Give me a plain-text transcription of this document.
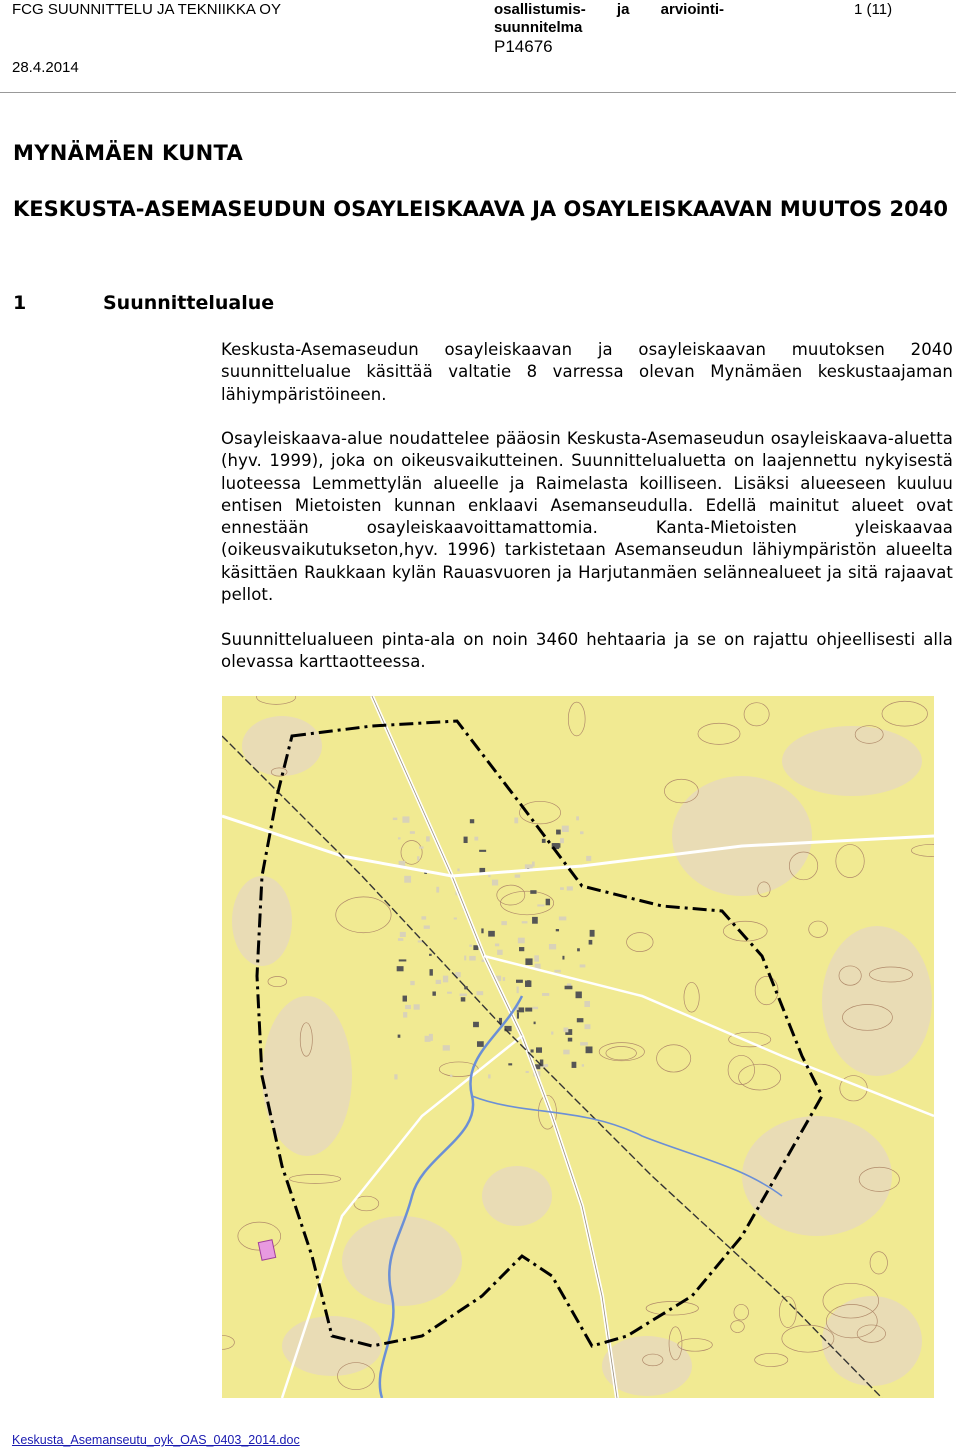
FCG SUUNNITTELU JA TEKNIIKKA OY
28.4.2014
osallistumis- ja arviointi-
suunnitelma
P14676
1 (11)
MYNÄMÄEN KUNTA
KESKUSTA-ASEMASEUDUN OSAYLEISKAAVA JA OSAYLEISKAAVAN MUUTOS 2040
1	Suunnittelualue

Keskusta-Asemaseudun osayleiskaavan ja osayleiskaavan muutoksen 2040 suunnittelualue käsittää valtatie 8 varressa olevan Mynämäen keskustaajaman lähiympäristöineen.

Osayleiskaava-alue noudattelee pääosin Keskusta-Asemaseudun osayleiskaava-aluetta (hyv. 1999), joka on oikeusvaikutteinen. Suunnittelualuetta on laajennettu nykyisestä luoteessa Lemmettylän alueelle ja Raimelasta koilliseen. Lisäksi alueeseen kuuluu entisen Mietoisten kunnan enklaavi Asemanseudulla. Edellä mainitut alueet ovat ennestään osayleiskaavoittamattomia. Kanta-Mietoisten yleiskaavaa (oikeusvaikutukseton,hyv. 1996) tarkistetaan Asemanseudun lähiympäristön alueelta käsittäen Raukkaan kylän Rauasvuoren ja Harjutanmäen selännealueet ja sitä rajaavat pellot.

Suunnittelualueen pinta-ala on noin 3460 hehtaaria ja se on rajattu ohjeellisesti alla olevassa karttaotteessa.

Keskusta_Asemanseutu_oyk_OAS_0403_2014.doc
